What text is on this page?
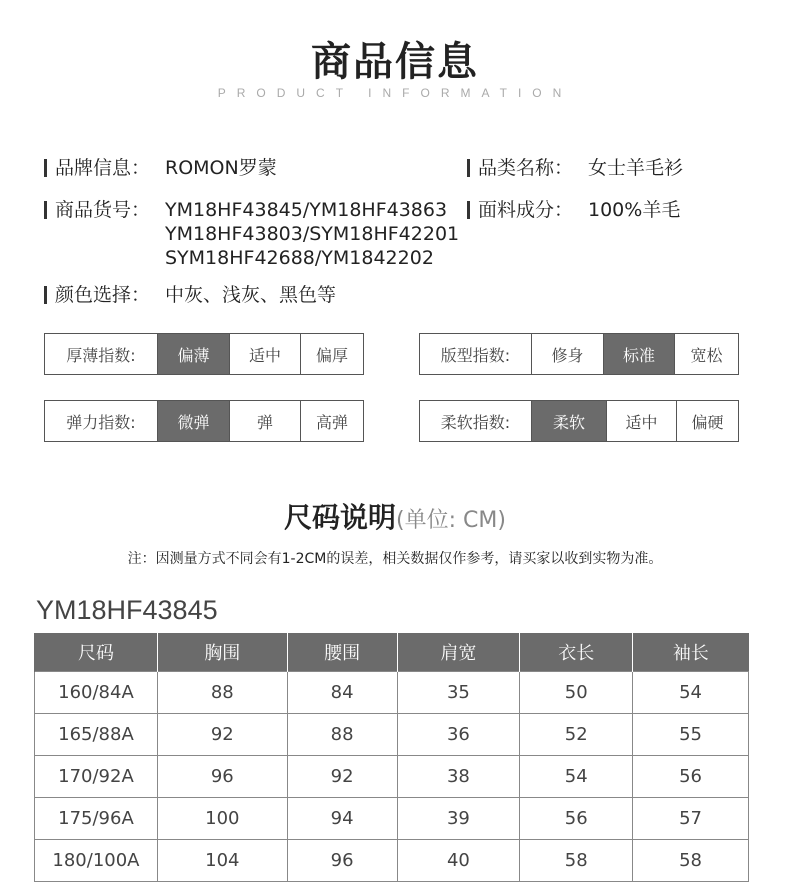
商品信息
PRODUCT INFORMATION
品牌信息： ROMON罗蒙	品类名称： 女士羊毛衫
商品货号： YM18HF43845/YM18HF43863
YM18HF43803/SYM18HF42201
SYM18HF42688/YM1842202
面料成分： 100%羊毛
颜色选择： 中灰、浅灰、黑色等
厚薄指数:	偏薄	适中	偏厚	版型指数:	修身	标准	宽松
弹力指数:	微弹	弹	高弹	柔软指数:	柔软	适中	偏硬
尺码说明(单位: CM)
注：因测量方式不同会有1-2CM的误差，相关数据仅作参考，请买家以收到实物为准。
YM18HF43845
尺码	胸围	腰围	肩宽	衣长	袖长
160/84A	88	84	35	50	54
165/88A	92	88	36	52	55
170/92A	96	92	38	54	56
175/96A	100	94	39	56	57
180/100A	104	96	40	58	58
